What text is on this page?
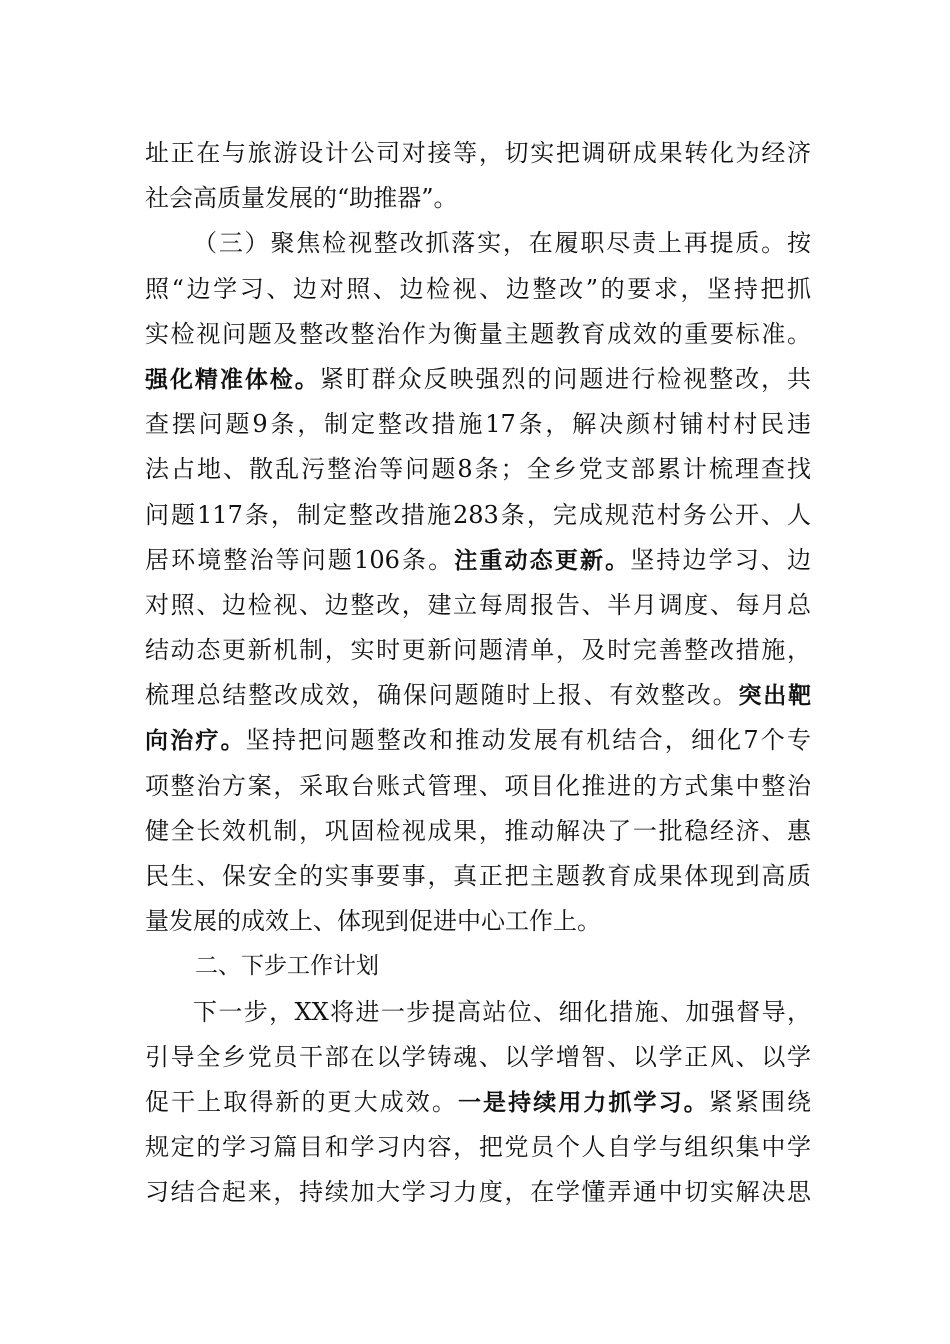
址正在与旅游设计公司对接等，切实把调研成果转化为经济
社会高质量发展的“助推器”。
（三）聚焦检视整改抓落实，在履职尽责上再提质。按
照“边学习、边对照、边检视、边整改”的要求，坚持把抓
实检视问题及整改整治作为衡量主题教育成效的重要标准。
强化精准体检。紧盯群众反映强烈的问题进行检视整改，共
查摆问题9条，制定整改措施17条，解决颜村铺村村民违
法占地、散乱污整治等问题8条；全乡党支部累计梳理查找
问题117条，制定整改措施283条，完成规范村务公开、人
居环境整治等问题106条。注重动态更新。坚持边学习、边
对照、边检视、边整改，建立每周报告、半月调度、每月总
结动态更新机制，实时更新问题清单，及时完善整改措施，
梳理总结整改成效，确保问题随时上报、有效整改。突出靶
向治疗。坚持把问题整改和推动发展有机结合，细化7个专
项整治方案，采取台账式管理、项目化推进的方式集中整治
健全长效机制，巩固检视成果，推动解决了一批稳经济、惠
民生、保安全的实事要事，真正把主题教育成果体现到高质
量发展的成效上、体现到促进中心工作上。
二、下步工作计划
下一步，XX将进一步提高站位、细化措施、加强督导，
引导全乡党员干部在以学铸魂、以学增智、以学正风、以学
促干上取得新的更大成效。一是持续用力抓学习。紧紧围绕
规定的学习篇目和学习内容，把党员个人自学与组织集中学
习结合起来，持续加大学习力度，在学懂弄通中切实解决思
